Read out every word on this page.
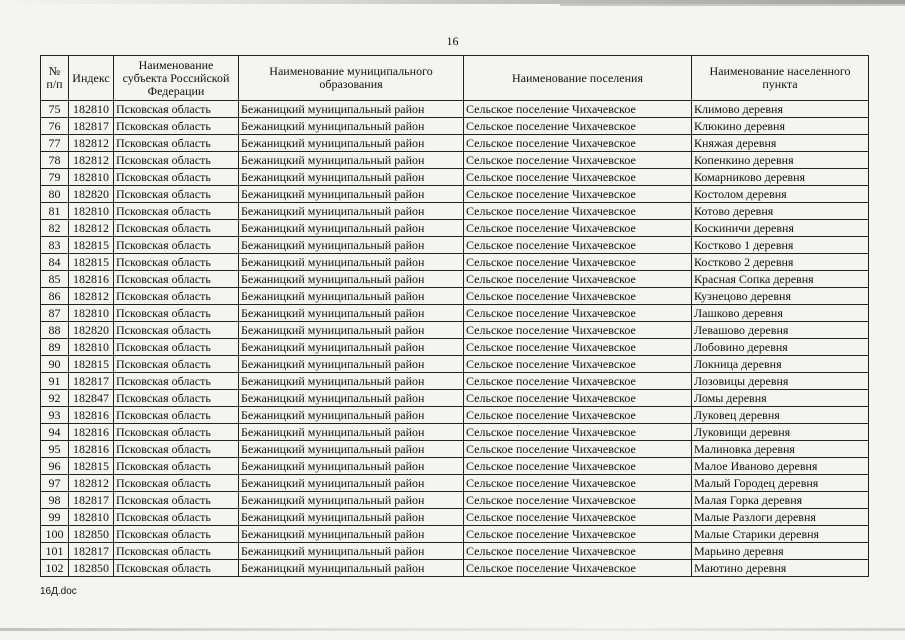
16
№ п/п	Индекс	Наименование субъекта Российской Федерации	Наименование муниципального образования	Наименование поселения	Наименование населенного пункта
75	182810	Псковская область	Бежаницкий муниципальный район	Сельское поселение Чихачевское	Климово деревня
76	182817	Псковская область	Бежаницкий муниципальный район	Сельское поселение Чихачевское	Клюкино деревня
77	182812	Псковская область	Бежаницкий муниципальный район	Сельское поселение Чихачевское	Княжая деревня
78	182812	Псковская область	Бежаницкий муниципальный район	Сельское поселение Чихачевское	Копенкино деревня
79	182810	Псковская область	Бежаницкий муниципальный район	Сельское поселение Чихачевское	Комарниково деревня
80	182820	Псковская область	Бежаницкий муниципальный район	Сельское поселение Чихачевское	Костолом деревня
81	182810	Псковская область	Бежаницкий муниципальный район	Сельское поселение Чихачевское	Котово деревня
82	182812	Псковская область	Бежаницкий муниципальный район	Сельское поселение Чихачевское	Коскиничи деревня
83	182815	Псковская область	Бежаницкий муниципальный район	Сельское поселение Чихачевское	Костково 1 деревня
84	182815	Псковская область	Бежаницкий муниципальный район	Сельское поселение Чихачевское	Костково 2 деревня
85	182816	Псковская область	Бежаницкий муниципальный район	Сельское поселение Чихачевское	Красная Сопка деревня
86	182812	Псковская область	Бежаницкий муниципальный район	Сельское поселение Чихачевское	Кузнецово деревня
87	182810	Псковская область	Бежаницкий муниципальный район	Сельское поселение Чихачевское	Лашково деревня
88	182820	Псковская область	Бежаницкий муниципальный район	Сельское поселение Чихачевское	Левашово деревня
89	182810	Псковская область	Бежаницкий муниципальный район	Сельское поселение Чихачевское	Лобовино деревня
90	182815	Псковская область	Бежаницкий муниципальный район	Сельское поселение Чихачевское	Локница деревня
91	182817	Псковская область	Бежаницкий муниципальный район	Сельское поселение Чихачевское	Лозовицы деревня
92	182847	Псковская область	Бежаницкий муниципальный район	Сельское поселение Чихачевское	Ломы деревня
93	182816	Псковская область	Бежаницкий муниципальный район	Сельское поселение Чихачевское	Луковец деревня
94	182816	Псковская область	Бежаницкий муниципальный район	Сельское поселение Чихачевское	Луковищи деревня
95	182816	Псковская область	Бежаницкий муниципальный район	Сельское поселение Чихачевское	Малиновка деревня
96	182815	Псковская область	Бежаницкий муниципальный район	Сельское поселение Чихачевское	Малое Иваново деревня
97	182812	Псковская область	Бежаницкий муниципальный район	Сельское поселение Чихачевское	Малый Городец деревня
98	182817	Псковская область	Бежаницкий муниципальный район	Сельское поселение Чихачевское	Малая Горка деревня
99	182810	Псковская область	Бежаницкий муниципальный район	Сельское поселение Чихачевское	Малые Разлоги деревня
100	182850	Псковская область	Бежаницкий муниципальный район	Сельское поселение Чихачевское	Малые Старики деревня
101	182817	Псковская область	Бежаницкий муниципальный район	Сельское поселение Чихачевское	Марьино деревня
102	182850	Псковская область	Бежаницкий муниципальный район	Сельское поселение Чихачевское	Маютино деревня
16Д.doc
